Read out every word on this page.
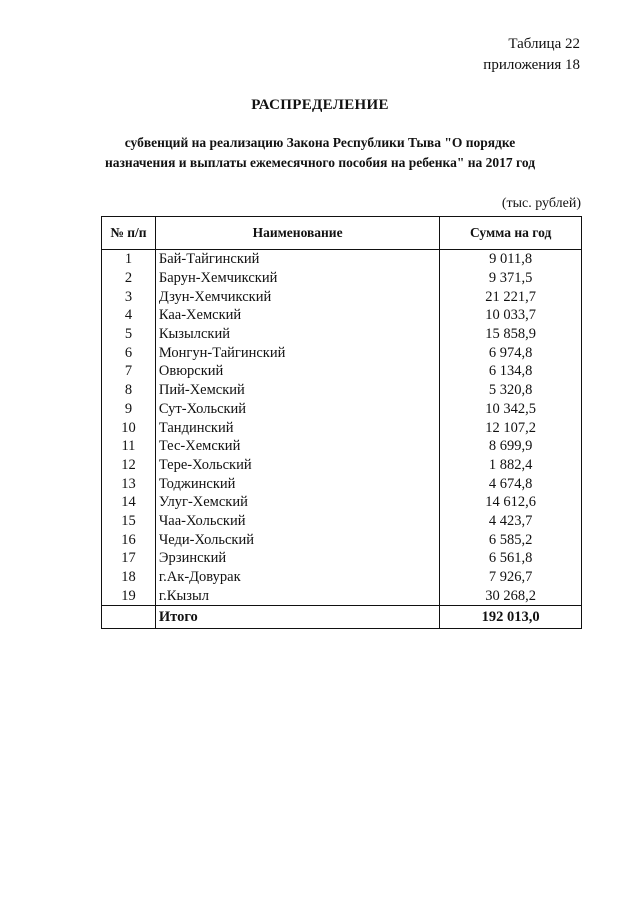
Таблица 22
приложения 18
РАСПРЕДЕЛЕНИЕ
субвенций на реализацию Закона Республики Тыва "О порядке
назначения и выплаты ежемесячного пособия на ребенка" на 2017 год
(тыс. рублей)
№ п/п	Наименование	Сумма на год
1	Бай-Тайгинский	9 011,8
2	Барун-Хемчикский	9 371,5
3	Дзун-Хемчикский	21 221,7
4	Каа-Хемский	10 033,7
5	Кызылский	15 858,9
6	Монгун-Тайгинский	6 974,8
7	Овюрский	6 134,8
8	Пий-Хемский	5 320,8
9	Сут-Хольский	10 342,5
10	Тандинский	12 107,2
11	Тес-Хемский	8 699,9
12	Тере-Хольский	1 882,4
13	Тоджинский	4 674,8
14	Улуг-Хемский	14 612,6
15	Чаа-Хольский	4 423,7
16	Чеди-Хольский	6 585,2
17	Эрзинский	6 561,8
18	г.Ак-Довурак	7 926,7
19	г.Кызыл	30 268,2
	Итого	192 013,0
